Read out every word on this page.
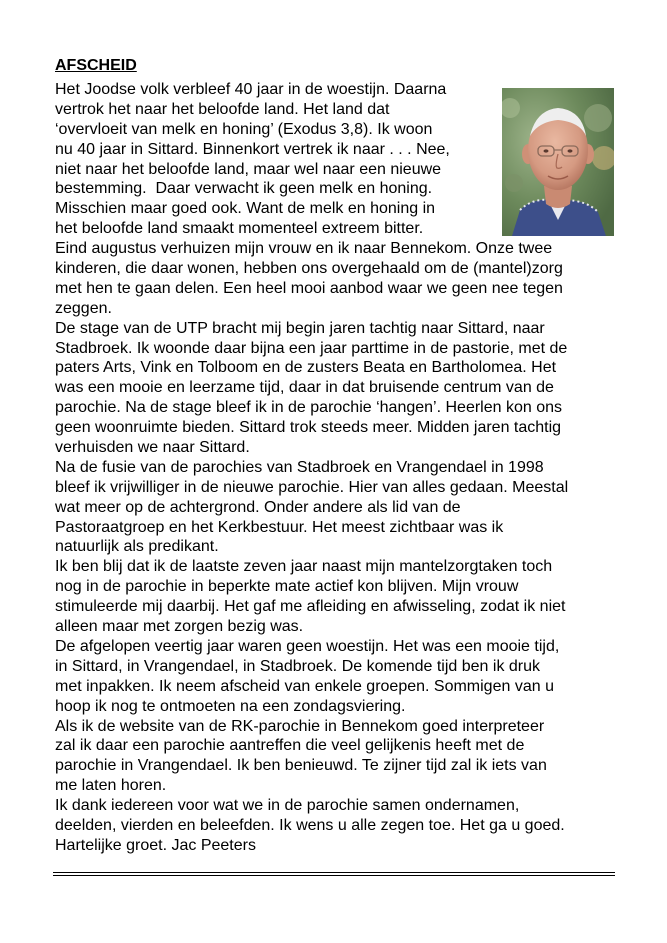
AFSCHEID
Het Joodse volk verbleef 40 jaar in de woestijn. Daarna
vertrok het naar het beloofde land. Het land dat
‘overvloeit van melk en honing’ (Exodus 3,8). Ik woon
nu 40 jaar in Sittard. Binnenkort vertrek ik naar . . . Nee,
niet naar het beloofde land, maar wel naar een nieuwe
bestemming.  Daar verwacht ik geen melk en honing.
Misschien maar goed ook. Want de melk en honing in
het beloofde land smaakt momenteel extreem bitter.
Eind augustus verhuizen mijn vrouw en ik naar Bennekom. Onze twee
kinderen, die daar wonen, hebben ons overgehaald om de (mantel)zorg
met hen te gaan delen. Een heel mooi aanbod waar we geen nee tegen
zeggen.
De stage van de UTP bracht mij begin jaren tachtig naar Sittard, naar
Stadbroek. Ik woonde daar bijna een jaar parttime in de pastorie, met de
paters Arts, Vink en Tolboom en de zusters Beata en Bartholomea. Het
was een mooie en leerzame tijd, daar in dat bruisende centrum van de
parochie. Na de stage bleef ik in de parochie ‘hangen’. Heerlen kon ons
geen woonruimte bieden. Sittard trok steeds meer. Midden jaren tachtig
verhuisden we naar Sittard.
Na de fusie van de parochies van Stadbroek en Vrangendael in 1998
bleef ik vrijwilliger in de nieuwe parochie. Hier van alles gedaan. Meestal
wat meer op de achtergrond. Onder andere als lid van de
Pastoraatgroep en het Kerkbestuur. Het meest zichtbaar was ik
natuurlijk als predikant.
Ik ben blij dat ik de laatste zeven jaar naast mijn mantelzorgtaken toch
nog in de parochie in beperkte mate actief kon blijven. Mijn vrouw
stimuleerde mij daarbij. Het gaf me afleiding en afwisseling, zodat ik niet
alleen maar met zorgen bezig was.
De afgelopen veertig jaar waren geen woestijn. Het was een mooie tijd,
in Sittard, in Vrangendael, in Stadbroek. De komende tijd ben ik druk
met inpakken. Ik neem afscheid van enkele groepen. Sommigen van u
hoop ik nog te ontmoeten na een zondagsviering.
Als ik de website van de RK-parochie in Bennekom goed interpreteer
zal ik daar een parochie aantreffen die veel gelijkenis heeft met de
parochie in Vrangendael. Ik ben benieuwd. Te zijner tijd zal ik iets van
me laten horen.
Ik dank iedereen voor wat we in de parochie samen ondernamen,
deelden, vierden en beleefden. Ik wens u alle zegen toe. Het ga u goed.
Hartelijke groet. Jac Peeters
